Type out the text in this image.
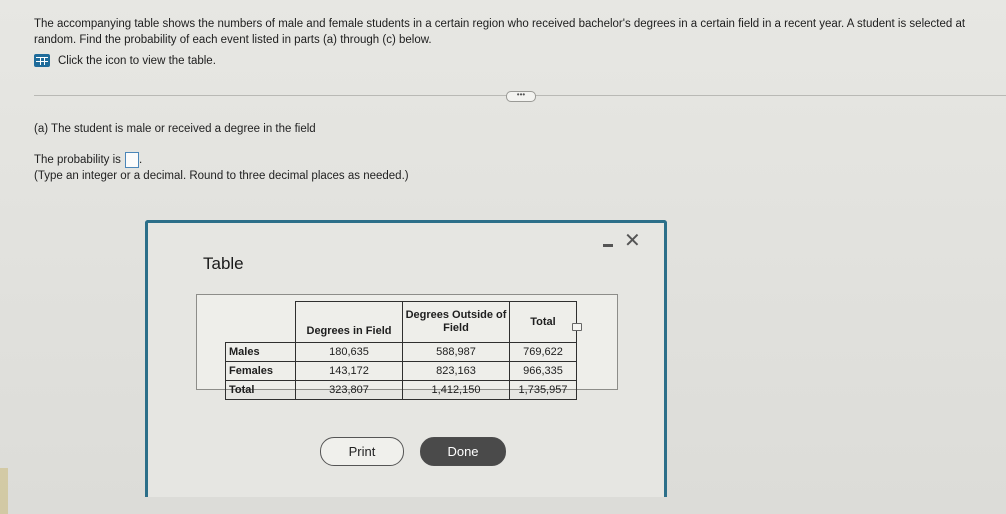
The accompanying table shows the numbers of male and female students in a certain region who received bachelor's degrees in a certain field in a recent year. A student is selected at random. Find the probability of each event listed in parts (a) through (c) below.
Click the icon to view the table.
•••
(a) The student is male or received a degree in the field
The probability is .
(Type an integer or a decimal. Round to three decimal places as needed.)
Table
✕
	Degrees in Field	Degrees Outside of Field	Total
Males	180,635	588,987	769,622
Females	143,172	823,163	966,335
Total	323,807	1,412,150	1,735,957
Print	Done
